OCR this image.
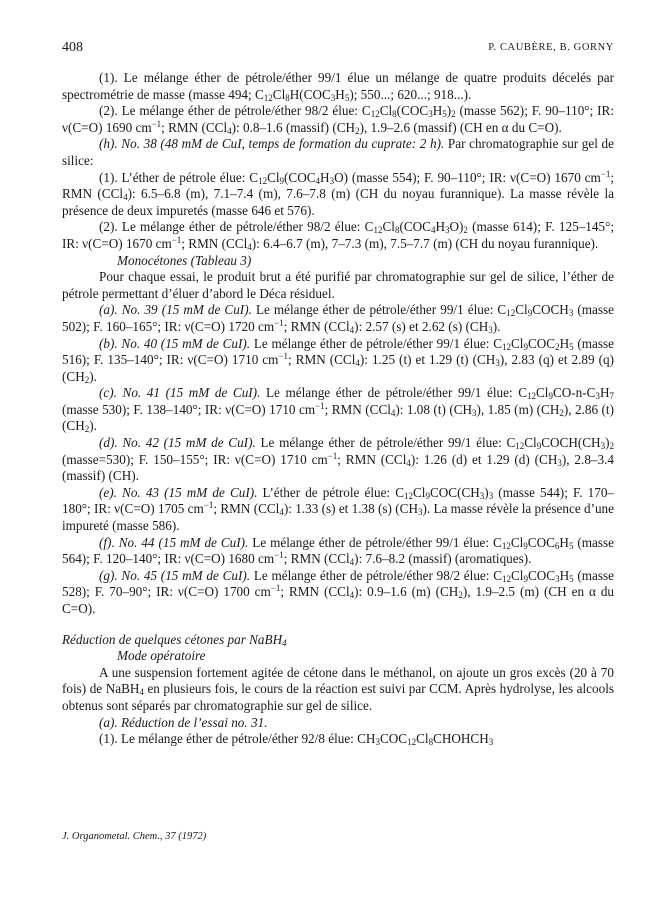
408	P. CAUBÈRE, B. GORNY

(1). Le mélange éther de pétrole/éther 99/1 élue un mélange de quatre produits décelés par spectrométrie de masse (masse 494; $C_{12}Cl_8H(COC_3H_5)$; 550...; 620...; 918...).

(2). Le mélange éther de pétrole/éther 98/2 élue: $C_{12}Cl_8(COC_3H_5)_2$ (masse 562); F. 90–110°; IR: ν(C=O) 1690 $cm^{-1}$; RMN (CCl$_4$): 0.8–1.6 (massif) $(CH_2)$, 1.9–2.6 (massif) (CH en α du C=O).

(h). No. 38 (48 mM de CuI, temps de formation du cuprate: 2 h). Par chromatographie sur gel de silice:

(1). L’éther de pétrole élue: $C_{12}Cl_9(COC_4H_3O)$ (masse 554); F. 90–110°; IR: ν(C=O) 1670 $cm^{-1}$; RMN (CCl$_4$): 6.5–6.8 (m), 7.1–7.4 (m), 7.6–7.8 (m) (CH du noyau furannique). La masse révèle la présence de deux impuretés (masse 646 et 576).

(2). Le mélange éther de pétrole/éther 98/2 élue: $C_{12}Cl_8(COC_4H_3O)_2$ (masse 614); F. 125–145°; IR: ν(C=O) 1670 $cm^{-1}$; RMN (CCl$_4$): 6.4–6.7 (m), 7–7.3 (m), 7.5–7.7 (m) (CH du noyau furannique).

Monocétones (Tableau 3)

Pour chaque essai, le produit brut a été purifié par chromatographie sur gel de silice, l’éther de pétrole permettant d’éluer d’abord le Déca résiduel.

(a). No. 39 (15 mM de CuI). Le mélange éther de pétrole/éther 99/1 élue: $C_{12}Cl_9COCH_3$ (masse 502); F. 160–165°; IR: ν(C=O) 1720 $cm^{-1}$; RMN (CCl$_4$): 2.57 (s) et 2.62 (s) $(CH_3)$.

(b). No. 40 (15 mM de CuI). Le mélange éther de pétrole/éther 99/1 élue: $C_{12}Cl_9COC_2H_5$ (masse 516); F. 135–140°; IR: ν(C=O) 1710 $cm^{-1}$; RMN (CCl$_4$): 1.25 (t) et 1.29 (t) $(CH_3)$, 2.83 (q) et 2.89 (q) $(CH_2)$.

(c). No. 41 (15 mM de CuI). Le mélange éther de pétrole/éther 99/1 élue: $C_{12}Cl_9CO-n-C_3H_7$ (masse 530); F. 138–140°; IR: ν(C=O) 1710 $cm^{-1}$; RMN (CCl$_4$): 1.08 (t) $(CH_3)$, 1.85 (m) $(CH_2)$, 2.86 (t) $(CH_2)$.

(d). No. 42 (15 mM de CuI). Le mélange éther de pétrole/éther 99/1 élue: $C_{12}Cl_9COCH(CH_3)_2$ (masse=530); F. 150–155°; IR: ν(C=O) 1710 $cm^{-1}$; RMN (CCl$_4$): 1.26 (d) et 1.29 (d) $(CH_3)$, 2.8–3.4 (massif) (CH).

(e). No. 43 (15 mM de CuI). L’éther de pétrole élue: $C_{12}Cl_9COC(CH_3)_3$ (masse 544); F. 170–180°; IR: ν(C=O) 1705 $cm^{-1}$; RMN (CCl$_4$): 1.33 (s) et 1.38 (s) $(CH_3)$. La masse révèle la présence d’une impureté (masse 586).

(f). No. 44 (15 mM de CuI). Le mélange éther de pétrole/éther 99/1 élue: $C_{12}Cl_9COC_6H_5$ (masse 564); F. 120–140°; IR: ν(C=O) 1680 $cm^{-1}$; RMN (CCl$_4$): 7.6–8.2 (massif) (aromatiques).

(g). No. 45 (15 mM de CuI). Le mélange éther de pétrole/éther 98/2 élue: $C_{12}Cl_9COC_3H_5$ (masse 528); F. 70–90°; IR: ν(C=O) 1700 $cm^{-1}$; RMN (CCl$_4$): 0.9–1.6 (m) $(CH_2)$, 1.9–2.5 (m) (CH en α du C=O).

Réduction de quelques cétones par NaBH$_4$

Mode opératoire

A une suspension fortement agitée de cétone dans le méthanol, on ajoute un gros excès (20 à 70 fois) de NaBH$_4$ en plusieurs fois, le cours de la réaction est suivi par CCM. Après hydrolyse, les alcools obtenus sont séparés par chromatographie sur gel de silice.

(a). Réduction de l’essai no. 31.

(1). Le mélange éther de pétrole/éther 92/8 élue: $CH_3COC_{12}Cl_8CHOHCH_3$

J. Organometal. Chem., 37 (1972)
